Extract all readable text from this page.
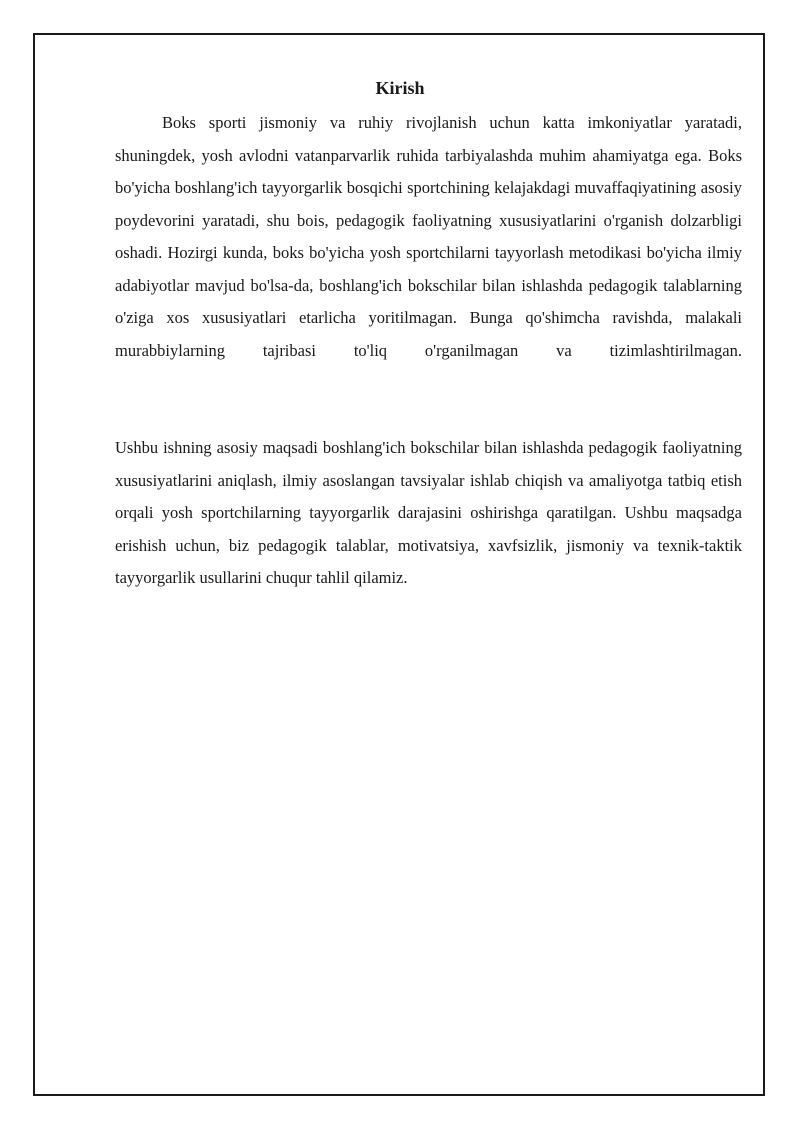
Kirish

Boks sporti jismoniy va ruhiy rivojlanish uchun katta imkoniyatlar yaratadi, shuningdek, yosh avlodni vatanparvarlik ruhida tarbiyalashda muhim ahamiyatga ega. Boks bo'yicha boshlang'ich tayyorgarlik bosqichi sportchining kelajakdagi muvaffaqiyatining asosiy poydevorini yaratadi, shu bois, pedagogik faoliyatning xususiyatlarini o'rganish dolzarbligi oshadi. Hozirgi kunda, boks bo'yicha yosh sportchilarni tayyorlash metodikasi bo'yicha ilmiy adabiyotlar mavjud bo'lsa-da, boshlang'ich bokschilar bilan ishlashda pedagogik talablarning o'ziga xos xususiyatlari etarlicha yoritilmagan. Bunga qo'shimcha ravishda, malakali murabbiylarning tajribasi to'liq o'rganilmagan va tizimlashtirilmagan.

Ushbu ishning asosiy maqsadi boshlang'ich bokschilar bilan ishlashda pedagogik faoliyatning xususiyatlarini aniqlash, ilmiy asoslangan tavsiyalar ishlab chiqish va amaliyotga tatbiq etish orqali yosh sportchilarning tayyorgarlik darajasini oshirishga qaratilgan. Ushbu maqsadga erishish uchun, biz pedagogik talablar, motivatsiya, xavfsizlik, jismoniy va texnik-taktik tayyorgarlik usullarini chuqur tahlil qilamiz.
